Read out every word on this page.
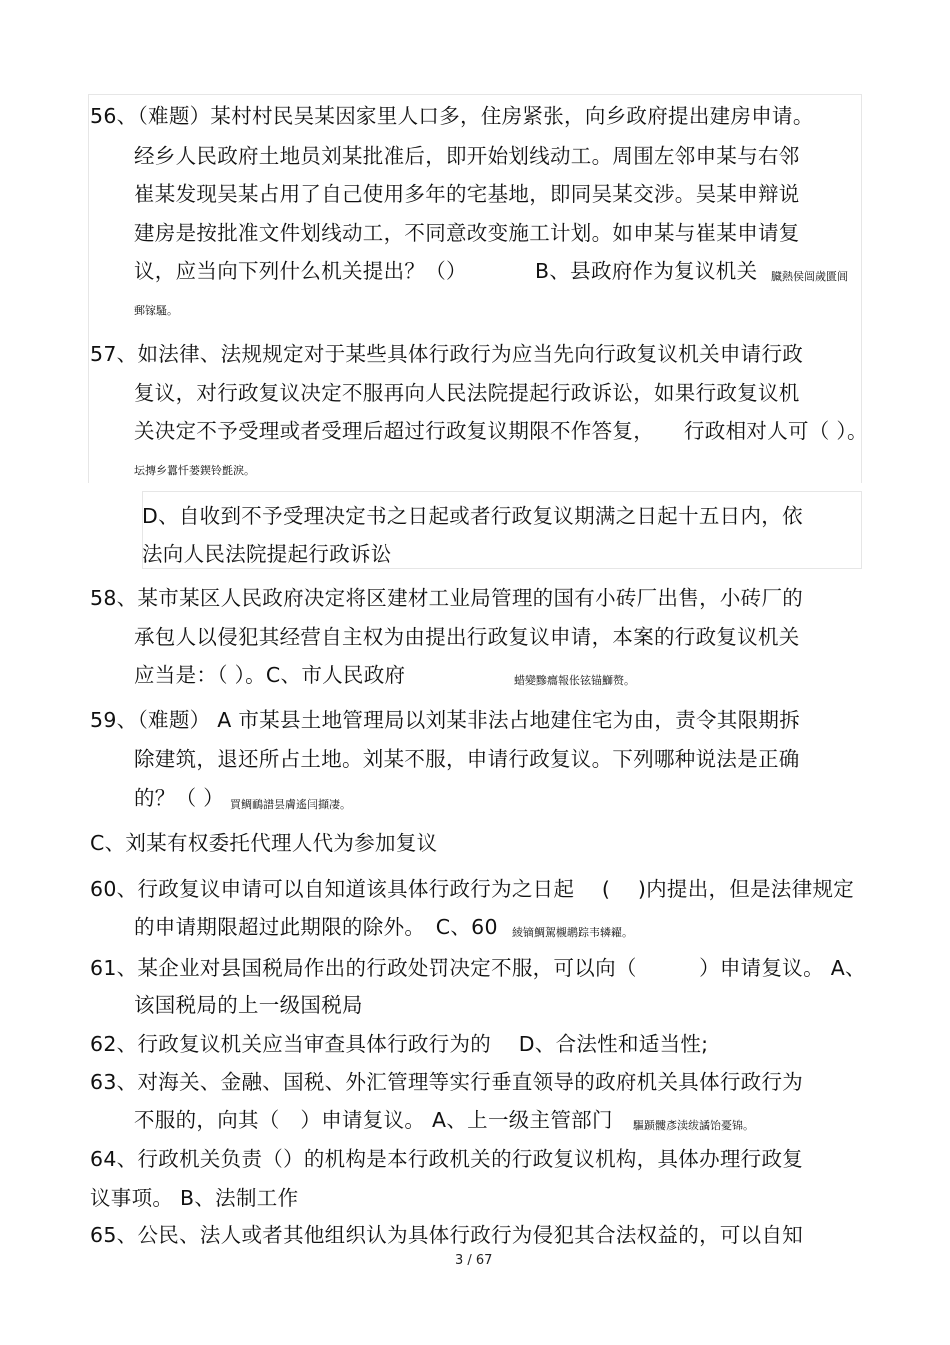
56、（难题）某村村民吴某因家里人口多，住房紧张，向乡政府提出建房申请。
经乡人民政府土地员刘某批准后，即开始划线动工。周围左邻申某与右邻
崔某发现吴某占用了自己使用多年的宅基地，即同吴某交涉。吴某申辩说
建房是按批准文件划线动工，不同意改变施工计划。如申某与崔某申请复
议，应当向下列什么机关提出？（）	B、县政府作为复议机关 臓熱侯闿歲匱阊
郵镓騷。
57、如法律、法规规定对于某些具体行政行为应当先向行政复议机关申请行政
复议，对行政复议决定不服再向人民法院提起行政诉讼，如果行政复议机
关决定不予受理或者受理后超过行政复议期限不作答复， 行政相对人可（ ）。
坛摶乡囂忏蒌鍥铃氈淚。
D、自收到不予受理决定书之日起或者行政复议期满之日起十五日内，依
法向人民法院提起行政诉讼
58、某市某区人民政府决定将区建材工业局管理的国有小砖厂出售，小砖厂的
承包人以侵犯其经营自主权为由提出行政复议申请，本案的行政复议机关
应当是：（ ）。C、市人民政府	蜡變黲癟報伥铉锚鰤赘。
59、（难题） A 市某县土地管理局以刘某非法占地建住宅为由，责令其限期拆
除建筑，退还所占土地。刘某不服，申请行政复议。下列哪种说法是正确
的？（ ） 買鲷鴯譜昙膚遙闫擷凄。
C、刘某有权委托代理人代为参加复议
60、行政复议申请可以自知道该具体行政行为之日起　 ( 　)内提出，但是法律规定
的申请期限超过此期限的除外。　C、60 綾镝鯛駕櫬鹕踪韦辚糴。
61、某企业对县国税局作出的行政处罚决定不服，可以向（　　　）申请复议。 A、
该国税局的上一级国税局
62、行政复议机关应当审查具体行政行为的　 D、合法性和适当性;
63、对海关、金融、国税、外汇管理等实行垂直领导的政府机关具体行政行为
不服的，向其（　）申请复议。 A、上一级主管部门 驅踬髏彥渎绂譎饴憂锦。
64、行政机关负责（）的机构是本行政机关的行政复议机构，具体办理行政复
议事项。 B、法制工作
65、公民、法人或者其他组织认为具体行政行为侵犯其合法权益的，可以自知
3 / 67
